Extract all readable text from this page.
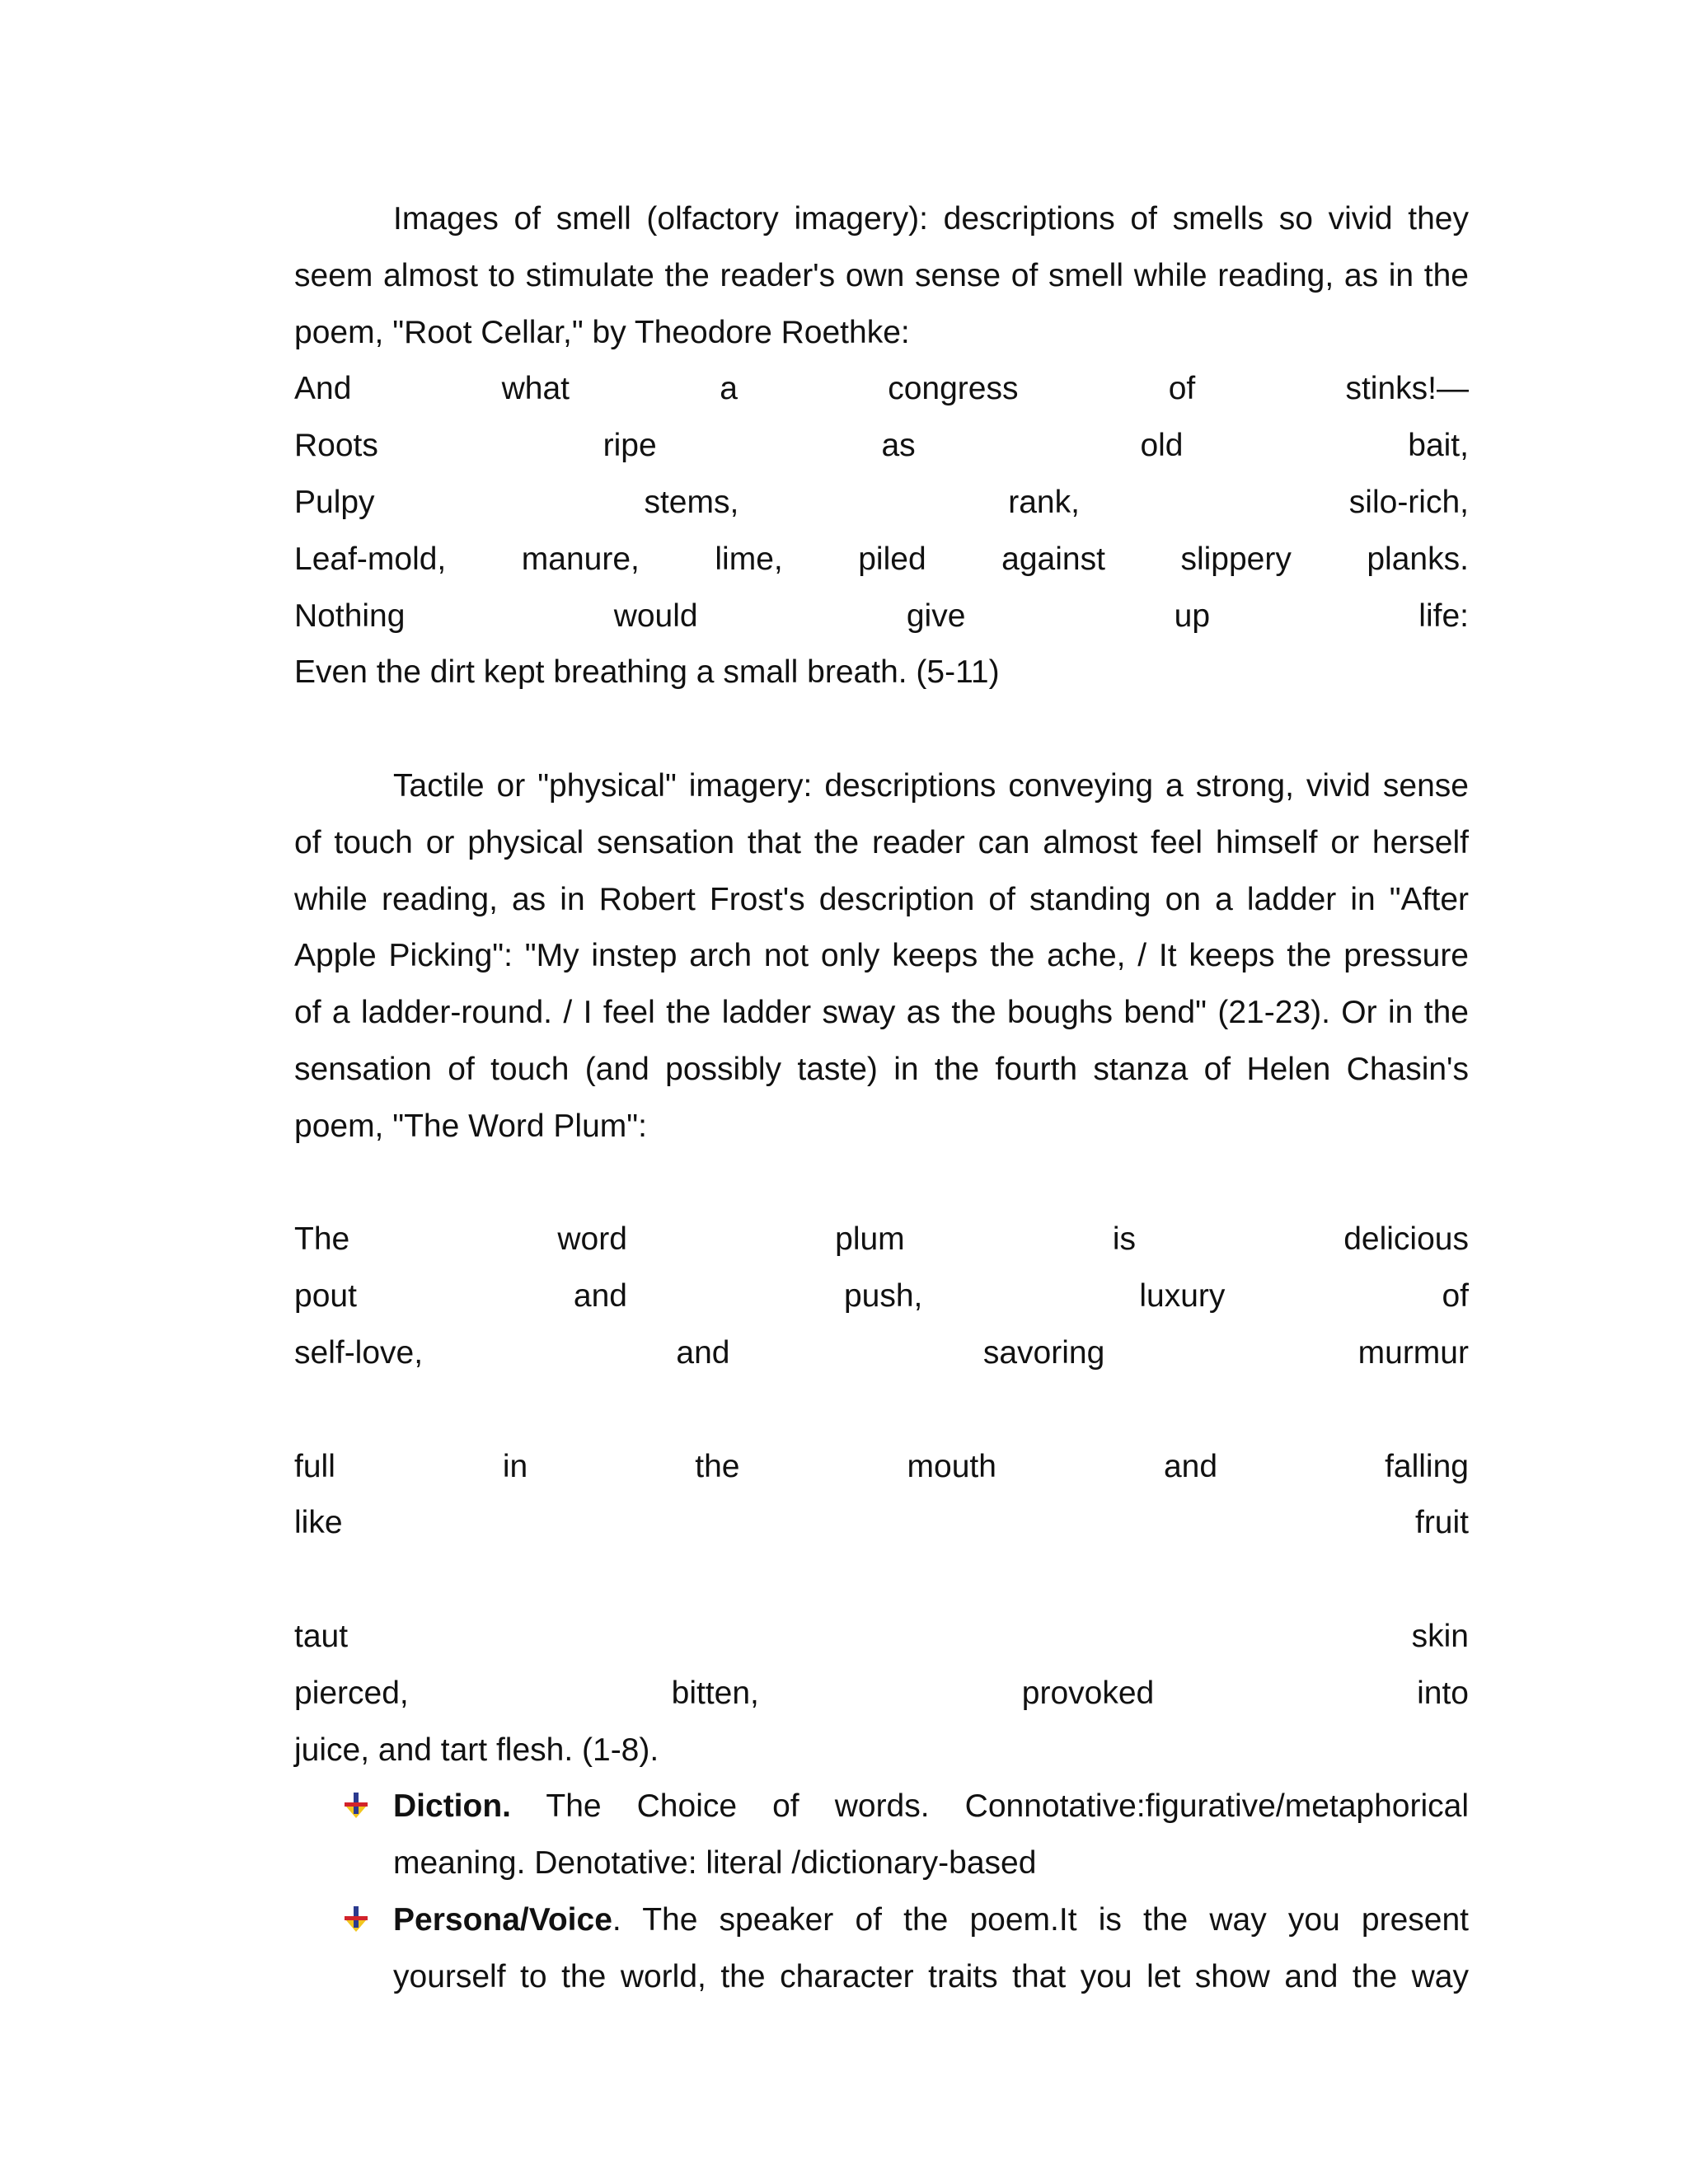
Images of smell (olfactory imagery): descriptions of smells so vivid they
seem almost to stimulate the reader's own sense of smell while reading, as in the
poem, "Root Cellar," by Theodore Roethke:
And	what	a	congress	of	stinks!—
Roots	ripe	as	old	bait,
Pulpy	stems,	rank,	silo-rich,
Leaf-mold, manure, lime, piled against slippery planks.
Nothing	would	give	up	life:
Even the dirt kept breathing a small breath. (5-11)
Tactile or "physical" imagery: descriptions conveying a strong, vivid sense
of touch or physical sensation that the reader can almost feel himself or herself
while reading, as in Robert Frost's description of standing on a ladder in "After
Apple Picking": "My instep arch not only keeps the ache, / It keeps the pressure
of a ladder-round. / I feel the ladder sway as the boughs bend" (21-23). Or in the
sensation of touch (and possibly taste) in the fourth stanza of Helen Chasin's
poem, "The Word Plum":
The	word	plum	is	delicious
pout	and	push,	luxury	of
self-love,	and	savoring	murmur
full	in	the	mouth	and	falling
like	fruit
taut	skin
pierced,	bitten,	provoked	into
juice, and tart flesh. (1-8).
Diction. The Choice of words. Connotative:figurative/metaphorical
meaning. Denotative: literal /dictionary-based
Persona/Voice. The speaker of the poem.It is the way you present
yourself to the world, the character traits that you let show and the way
